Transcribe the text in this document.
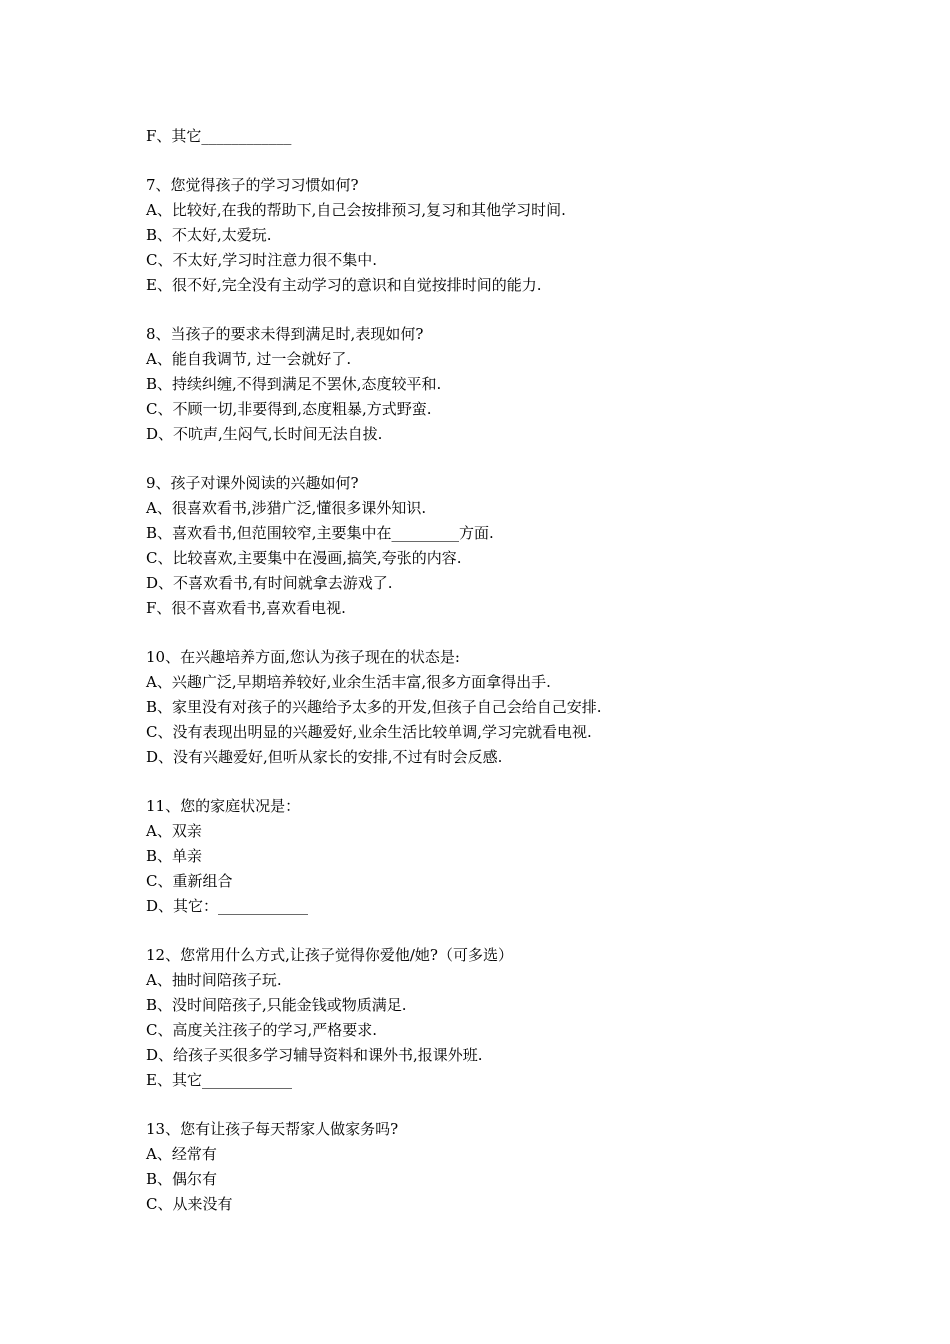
F、其它____________
7、您觉得孩子的学习习惯如何?
A、比较好,在我的帮助下,自己会按排预习,复习和其他学习时间.
B、不太好,太爱玩.
C、不太好,学习时注意力很不集中.
E、很不好,完全没有主动学习的意识和自觉按排时间的能力.
8、当孩子的要求未得到满足时,表现如何?
A、能自我调节, 过一会就好了.
B、持续纠缠,不得到满足不罢休,态度较平和.
C、不顾一切,非要得到,态度粗暴,方式野蛮.
D、不吭声,生闷气,长时间无法自拔.
9、孩子对课外阅读的兴趣如何?
A、很喜欢看书,涉猎广泛,懂很多课外知识.
B、喜欢看书,但范围较窄,主要集中在_________方面.
C、比较喜欢,主要集中在漫画,搞笑,夸张的内容.
D、不喜欢看书,有时间就拿去游戏了.
F、很不喜欢看书,喜欢看电视.
10、在兴趣培养方面,您认为孩子现在的状态是:
A、兴趣广泛,早期培养较好,业余生活丰富,很多方面拿得出手.
B、家里没有对孩子的兴趣给予太多的开发,但孩子自己会给自己安排.
C、没有表现出明显的兴趣爱好,业余生活比较单调,学习完就看电视.
D、没有兴趣爱好,但听从家长的安排,不过有时会反感.
11、您的家庭状况是：
A、双亲
B、单亲
C、重新组合
D、其它：____________
12、您常用什么方式,让孩子觉得你爱他/她?（可多选）
A、抽时间陪孩子玩.
B、没时间陪孩子,只能金钱或物质满足.
C、高度关注孩子的学习,严格要求.
D、给孩子买很多学习辅导资料和课外书,报课外班.
E、其它____________
13、您有让孩子每天帮家人做家务吗?
A、经常有
B、偶尔有
C、从来没有
